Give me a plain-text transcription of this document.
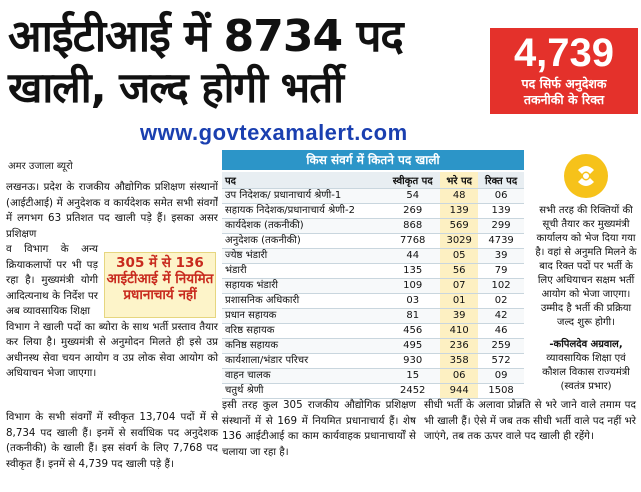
आईटीआई में 8734 पद
खाली, जल्द होगी भर्ती
4,739
पद सिर्फ अनुदेशक
तकनीकी के रिक्त
www.govtexamalert.com
अमर उजाला ब्यूरो
लखनऊ। प्रदेश के राजकीय औद्योगिक प्रशिक्षण संस्थानों (आईटीआई) में अनुदेशक व कार्यदेशक समेत सभी संवर्गों में लगभग 63 प्रतिशत पद खाली पड़े हैं। इसका असर प्रशिक्षण
व विभाग के अन्य क्रियाकलापों पर भी पड़ रहा है। मुख्यमंत्री योगी आदित्यनाथ के निर्देश पर अब व्यावसायिक शिक्षा
विभाग ने खाली पदों का ब्योरा के साथ भर्ती प्रस्ताव तैयार कर लिया है। मुख्यमंत्री से अनुमोदन मिलते ही इसे उप्र अधीनस्थ सेवा चयन आयोग व उप्र लोक सेवा आयोग को अधियाचन भेजा जाएगा।
305 में से 136 आईटीआई में नियमित प्रधानाचार्य नहीं
विभाग के सभी संवर्गों में स्वीकृत 13,704 पदों में से 8,734 पद खाली हैं। इनमें से सर्वाधिक पद अनुदेशक (तकनीकी) के खाली हैं। इस संवर्ग के लिए 7,768 पद स्वीकृत हैं। इनमें से 4,739 पद खाली पड़े हैं।
किस संवर्ग में कितने पद खाली
पद	स्वीकृत पद	भरे पद	रिक्त पद
उप निदेशक/ प्रधानाचार्य श्रेणी-1	54	48	06
सहायक निदेशक/प्रधानाचार्य श्रेणी-2	269	139	139
कार्यदेशक (तकनीकी)	868	569	299
अनुदेशक (तकनीकी)	7768	3029	4739
ज्येष्ठ भंडारी	44	05	39
भंडारी	135	56	79
सहायक भंडारी	109	07	102
प्रशासनिक अधिकारी	03	01	02
प्रधान सहायक	81	39	42
वरिष्ठ सहायक	456	410	46
कनिष्ठ सहायक	495	236	259
कार्यशाला/भंडार परिचर	930	358	572
वाहन चालक	15	06	09
चतुर्थ श्रेणी	2452	944	1508
इसी तरह कुल 305 राजकीय औद्योगिक प्रशिक्षण संस्थानों में से 169 में नियमित प्रधानाचार्य हैं। शेष 136 आईटीआई का काम कार्यवाहक प्रधानाचार्यों से चलाया जा रहा है।
सीधी भर्ती के अलावा प्रोन्नति से भरे जाने वाले तमाम पद भी खाली हैं। ऐसे में जब तक सीधी भर्ती वाले पद नहीं भरे जाएंगे, तब तक ऊपर वाले पद खाली ही रहेंगे।
सभी तरह की रिक्तियों की सूची तैयार कर मुख्यमंत्री कार्यालय को भेज दिया गया है। वहां से अनुमति मिलने के बाद रिक्त पदों पर भर्ती के लिए अधियाचन सक्षम भर्ती आयोग को भेजा जाएगा। उम्मीद है भर्ती की प्रक्रिया जल्द शुरू होगी।
-कपिलदेव अग्रवाल,
व्यावसायिक शिक्षा एवं कौशल विकास राज्यमंत्री (स्वतंत्र प्रभार)
